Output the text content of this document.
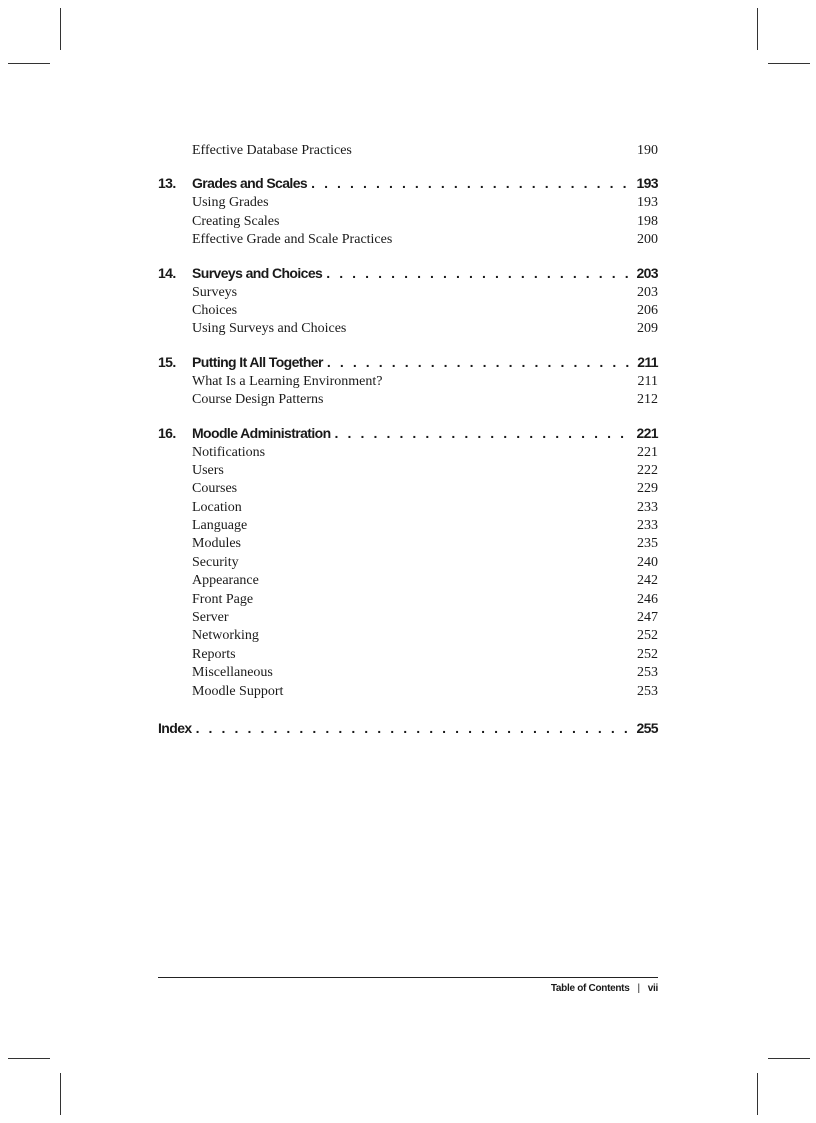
Effective Database Practices	190
13.	Grades and Scales . . .	193
Using Grades	193
Creating Scales	198
Effective Grade and Scale Practices	200
14.	Surveys and Choices . . .	203
Surveys	203
Choices	206
Using Surveys and Choices	209
15.	Putting It All Together . . .	211
What Is a Learning Environment?	211
Course Design Patterns	212
16.	Moodle Administration . . .	221
Notifications	221
Users	222
Courses	229
Location	233
Language	233
Modules	235
Security	240
Appearance	242
Front Page	246
Server	247
Networking	252
Reports	252
Miscellaneous	253
Moodle Support	253
Index . . .	255
Table of Contents | vii
